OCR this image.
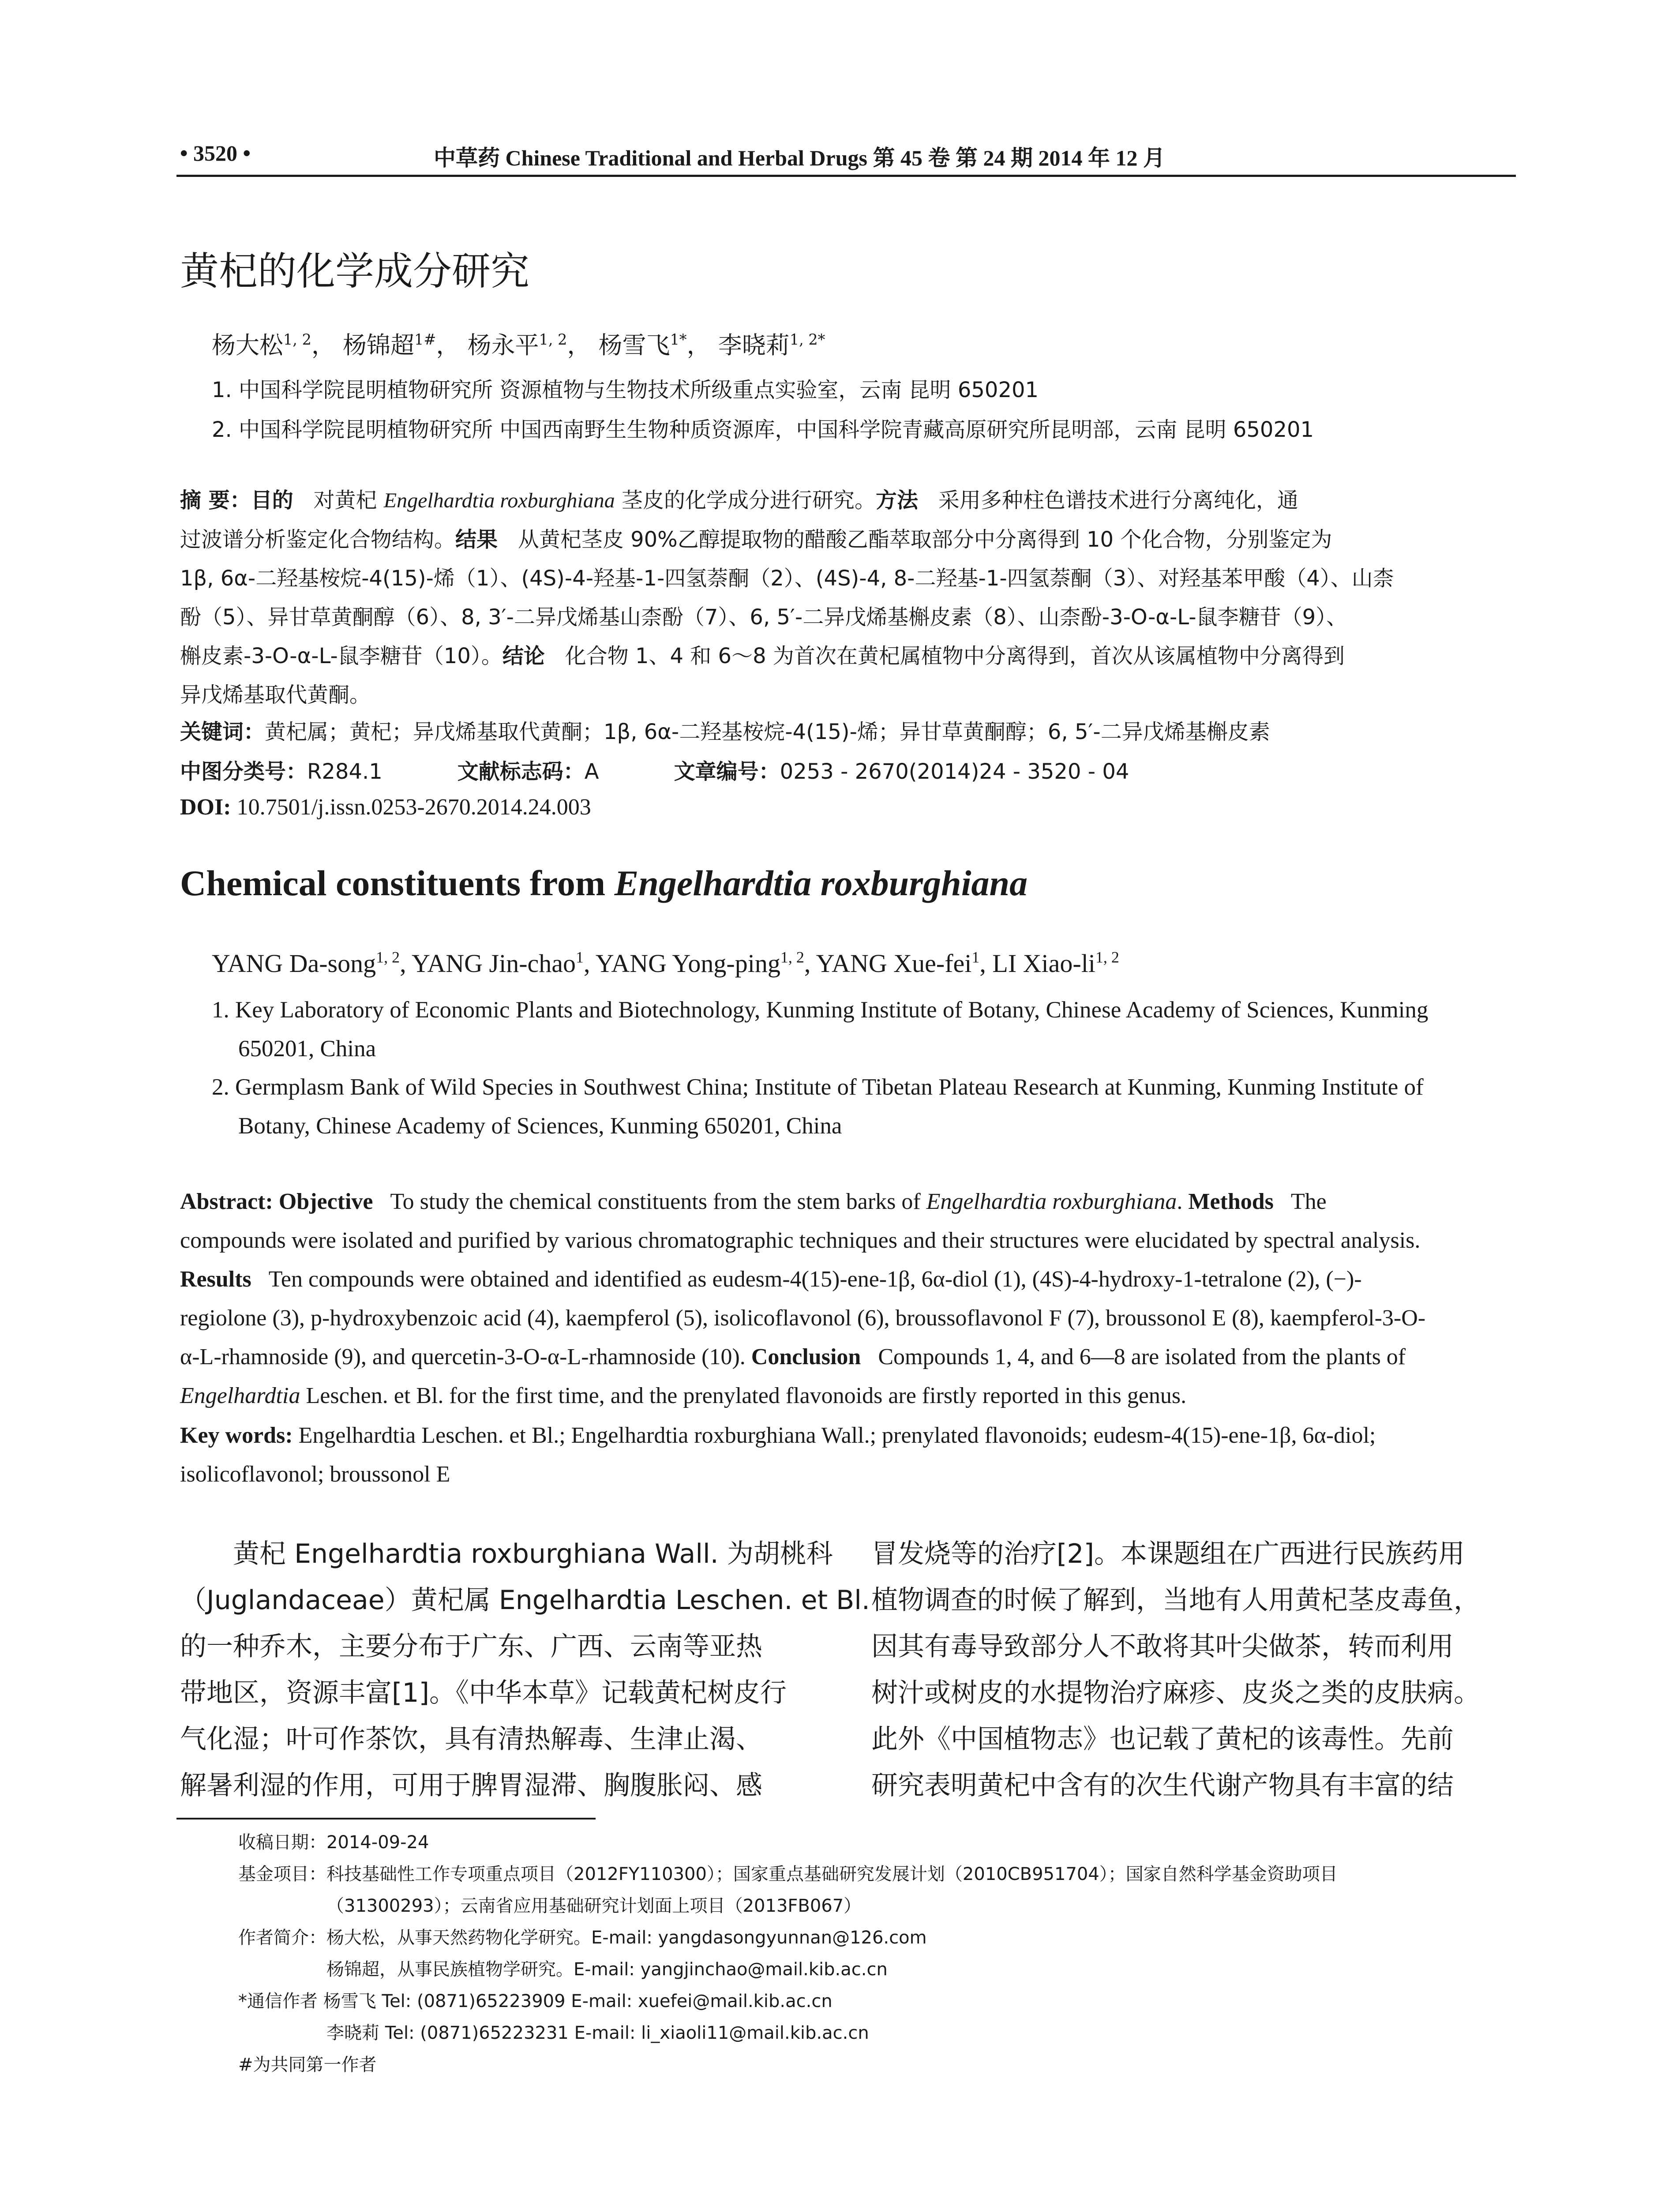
• 3520 •	中草药 Chinese Traditional and Herbal Drugs 第 45 卷 第 24 期 2014 年 12 月
黄杞的化学成分研究
杨大松$^{1, 2}$， 杨锦超$^{1\#}$， 杨永平$^{1, 2}$， 杨雪飞$^{1*}$， 李晓莉$^{1, 2*}$
1. 中国科学院昆明植物研究所 资源植物与生物技术所级重点实验室，云南 昆明 650201
2. 中国科学院昆明植物研究所 中国西南野生生物种质资源库，中国科学院青藏高原研究所昆明部，云南 昆明 650201
摘 要：目的 对黄杞 Engelhardtia roxburghiana 茎皮的化学成分进行研究。方法 采用多种柱色谱技术进行分离纯化，通
过波谱分析鉴定化合物结构。结果 从黄杞茎皮 90%乙醇提取物的醋酸乙酯萃取部分中分离得到 10 个化合物，分别鉴定为
1β, 6α-二羟基桉烷-4(15)-烯（1）、(4S)-4-羟基-1-四氢萘酮（2）、(4S)-4, 8-二羟基-1-四氢萘酮（3）、对羟基苯甲酸（4）、山柰
酚（5）、异甘草黄酮醇（6）、8, 3′-二异戊烯基山柰酚（7）、6, 5′-二异戊烯基槲皮素（8）、山柰酚-3-O-α-L-鼠李糖苷（9）、
槲皮素-3-O-α-L-鼠李糖苷（10）。结论 化合物 1、4 和 6～8 为首次在黄杞属植物中分离得到，首次从该属植物中分离得到
异戊烯基取代黄酮。
关键词：黄杞属；黄杞；异戊烯基取代黄酮；1β, 6α-二羟基桉烷-4(15)-烯；异甘草黄酮醇；6, 5′-二异戊烯基槲皮素
中图分类号：R284.1	文献标志码：A	文章编号：0253 - 2670(2014)24 - 3520 - 04
DOI: 10.7501/j.issn.0253-2670.2014.24.003
Chemical constituents from Engelhardtia roxburghiana
YANG Da-song$^{1, 2}$, YANG Jin-chao$^1$, YANG Yong-ping$^{1, 2}$, YANG Xue-fei$^1$, LI Xiao-li$^{1, 2}$
1. Key Laboratory of Economic Plants and Biotechnology, Kunming Institute of Botany, Chinese Academy of Sciences, Kunming
650201, China
2. Germplasm Bank of Wild Species in Southwest China; Institute of Tibetan Plateau Research at Kunming, Kunming Institute of
Botany, Chinese Academy of Sciences, Kunming 650201, China
Abstract: Objective To study the chemical constituents from the stem barks of Engelhardtia roxburghiana. Methods The
compounds were isolated and purified by various chromatographic techniques and their structures were elucidated by spectral analysis.
Results Ten compounds were obtained and identified as eudesm-4(15)-ene-1β, 6α-diol (1), (4S)-4-hydroxy-1-tetralone (2), (−)-
regiolone (3), p-hydroxybenzoic acid (4), kaempferol (5), isolicoflavonol (6), broussoflavonol F (7), broussonol E (8), kaempferol-3-O-
α-L-rhamnoside (9), and quercetin-3-O-α-L-rhamnoside (10). Conclusion Compounds 1, 4, and 6—8 are isolated from the plants of
Engelhardtia Leschen. et Bl. for the first time, and the prenylated flavonoids are firstly reported in this genus.
Key words: Engelhardtia Leschen. et Bl.; Engelhardtia roxburghiana Wall.; prenylated flavonoids; eudesm-4(15)-ene-1β, 6α-diol;
isolicoflavonol; broussonol E
黄杞 Engelhardtia roxburghiana Wall. 为胡桃科
（Juglandaceae）黄杞属 Engelhardtia Leschen. et Bl.
的一种乔木，主要分布于广东、广西、云南等亚热
带地区，资源丰富[1]。《中华本草》记载黄杞树皮行
气化湿；叶可作茶饮，具有清热解毒、生津止渴、
解暑利湿的作用，可用于脾胃湿滞、胸腹胀闷、感
冒发烧等的治疗[2]。本课题组在广西进行民族药用
植物调查的时候了解到，当地有人用黄杞茎皮毒鱼，
因其有毒导致部分人不敢将其叶尖做茶，转而利用
树汁或树皮的水提物治疗麻疹、皮炎之类的皮肤病。
此外《中国植物志》也记载了黄杞的该毒性。先前
研究表明黄杞中含有的次生代谢产物具有丰富的结
收稿日期：2014-09-24
基金项目：科技基础性工作专项重点项目（2012FY110300）；国家重点基础研究发展计划（2010CB951704）；国家自然科学基金资助项目
（31300293）；云南省应用基础研究计划面上项目（2013FB067）
作者简介：杨大松，从事天然药物化学研究。E-mail: yangdasongyunnan@126.com
杨锦超，从事民族植物学研究。E-mail: yangjinchao@mail.kib.ac.cn
*通信作者 杨雪飞 Tel: (0871)65223909 E-mail: xuefei@mail.kib.ac.cn
李晓莉 Tel: (0871)65223231 E-mail: li_xiaoli11@mail.kib.ac.cn
#为共同第一作者
